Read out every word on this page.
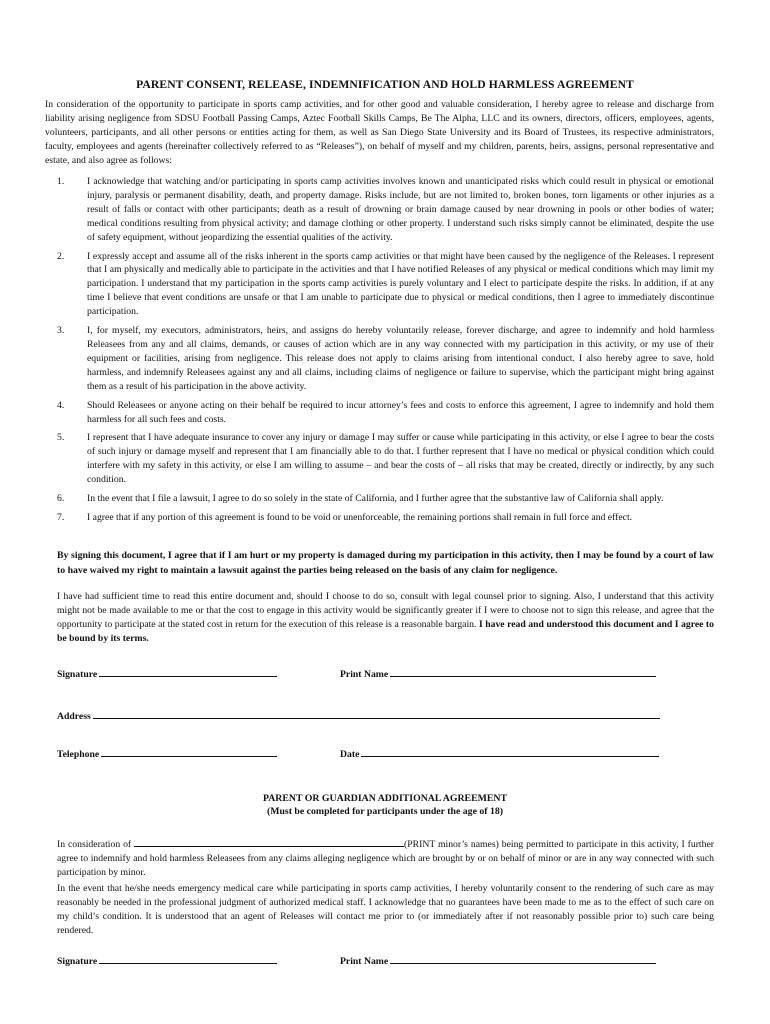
PARENT CONSENT, RELEASE, INDEMNIFICATION AND HOLD HARMLESS AGREEMENT
In consideration of the opportunity to participate in sports camp activities, and for other good and valuable consideration, I hereby agree to release and discharge from liability arising negligence from SDSU Football Passing Camps, Aztec Football Skills Camps, Be The Alpha, LLC and its owners, directors, officers, employees, agents, volunteers, participants, and all other persons or entities acting for them, as well as San Diego State University and its Board of Trustees, its respective administrators, faculty, employees and agents (hereinafter collectively referred to as “Releases”), on behalf of myself and my children, parents, heirs, assigns, personal representative and estate, and also agree as follows:
1. I acknowledge that watching and/or participating in sports camp activities involves known and unanticipated risks which could result in physical or emotional injury, paralysis or permanent disability, death, and property damage. Risks include, but are not limited to, broken bones, torn ligaments or other injuries as a result of falls or contact with other participants; death as a result of drowning or brain damage caused by near drowning in pools or other bodies of water; medical conditions resulting from physical activity; and damage clothing or other property. I understand such risks simply cannot be eliminated, despite the use of safety equipment, without jeopardizing the essential qualities of the activity.
2. I expressly accept and assume all of the risks inherent in the sports camp activities or that might have been caused by the negligence of the Releases. I represent that I am physically and medically able to participate in the activities and that I have notified Releases of any physical or medical conditions which may limit my participation. I understand that my participation in the sports camp activities is purely voluntary and I elect to participate despite the risks. In addition, if at any time I believe that event conditions are unsafe or that I am unable to participate due to physical or medical conditions, then I agree to immediately discontinue participation.
3. I, for myself, my executors, administrators, heirs, and assigns do hereby voluntarily release, forever discharge, and agree to indemnify and hold harmless Releasees from any and all claims, demands, or causes of action which are in any way connected with my participation in this activity, or my use of their equipment or facilities, arising from negligence. This release does not apply to claims arising from intentional conduct. I also hereby agree to save, hold harmless, and indemnify Releasees against any and all claims, including claims of negligence or failure to supervise, which the participant might bring against them as a result of his participation in the above activity.
4. Should Releasees or anyone acting on their behalf be required to incur attorney’s fees and costs to enforce this agreement, I agree to indemnify and hold them harmless for all such fees and costs.
5. I represent that I have adequate insurance to cover any injury or damage I may suffer or cause while participating in this activity, or else I agree to bear the costs of such injury or damage myself and represent that I am financially able to do that. I further represent that I have no medical or physical condition which could interfere with my safety in this activity, or else I am willing to assume – and bear the costs of – all risks that may be created, directly or indirectly, by any such condition.
6. In the event that I file a lawsuit, I agree to do so solely in the state of California, and I further agree that the substantive law of California shall apply.
7. I agree that if any portion of this agreement is found to be void or unenforceable, the remaining portions shall remain in full force and effect.
By signing this document, I agree that if I am hurt or my property is damaged during my participation in this activity, then I may be found by a court of law to have waived my right to maintain a lawsuit against the parties being released on the basis of any claim for negligence.
I have had sufficient time to read this entire document and, should I choose to do so, consult with legal counsel prior to signing. Also, I understand that this activity might not be made available to me or that the cost to engage in this activity would be significantly greater if I were to choose not to sign this release, and agree that the opportunity to participate at the stated cost in return for the execution of this release is a reasonable bargain. I have read and understood this document and I agree to be bound by its terms.
Signature	Print Name
Address
Telephone	Date
PARENT OR GUARDIAN ADDITIONAL AGREEMENT
(Must be completed for participants under the age of 18)
In consideration of	(PRINT minor’s names) being permitted to participate in this activity, I further agree to indemnify and hold harmless Releasees from any claims alleging negligence which are brought by or on behalf of minor or are in any way connected with such participation by minor.
In the event that he/she needs emergency medical care while participating in sports camp activities, I hereby voluntarily consent to the rendering of such care as may reasonably be needed in the professional judgment of authorized medical staff. I acknowledge that no guarantees have been made to me as to the effect of such care on my child’s condition. It is understood that an agent of Releases will contact me prior to (or immediately after if not reasonably possible prior to) such care being rendered.
Signature	Print Name
